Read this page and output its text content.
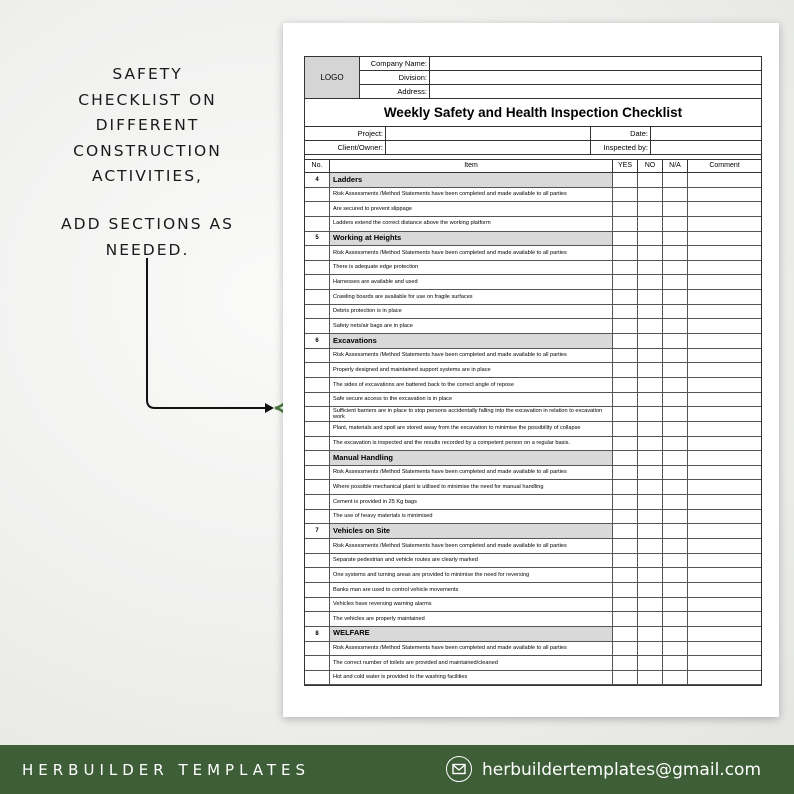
SAFETY
CHECKLIST ON
DIFFERENT
CONSTRUCTION
ACTIVITIES,
ADD SECTIONS AS
NEEDED.
LOGO
Company Name:
Division:
Address:
Weekly Safety and Health Inspection Checklist
Project:	Date:
Client/Owner:	Inspected by:
No.	Item	YES	NO	N/A	Comment
4	Ladders
Risk Assessments /Method Statements have been completed and made available to all parties
Are secured to prevent slippage
Ladders extend the correct distance above the working platform
5	Working at Heights
Risk Assessments /Method Statements have been completed and made available to all parties
There is adequate edge protection
Harnesses are available and used
Crawling boards are available for use on fragile surfaces
Debris protection is in place
Safety nets/air bags are in place
6	Excavations
Risk Assessments /Method Statements have been completed and made available to all parties
Properly designed and maintained support systems are in place
The sides of excavations are battered back to the correct angle of repose
Safe secure access to the excavation is in place
Sufficient barriers are in place to stop persons accidentally falling into the excavation in relation to excavation work
Plant, materials and spoil are stored away from the excavation to minimise the possibility of collapse
The excavation is inspected and the results recorded by a competent person on a regular basis.
Manual Handling
Risk Assessments /Method Statements have been completed and made available to all parties
Where possible mechanical plant is utilised to minimise the need for manual handling
Cement is provided in 25 Kg bags
The use of heavy materials is minimised
7	Vehicles on Site
Risk Assessments /Method Statements have been completed and made available to all parties
Separate pedestrian and vehicle routes are clearly marked
One systems and turning areas are provided to minimise the need for reversing
Banks man are used to control vehicle movements
Vehicles have reversing warning alarms
The vehicles are properly maintained
8	WELFARE
Risk Assessments /Method Statements have been completed and made available to all parties
The correct number of toilets are provided and maintained/cleaned
Hot and cold water is provided to the washing facilities
HERBUILDER TEMPLATES	herbuildertemplates@gmail.com
